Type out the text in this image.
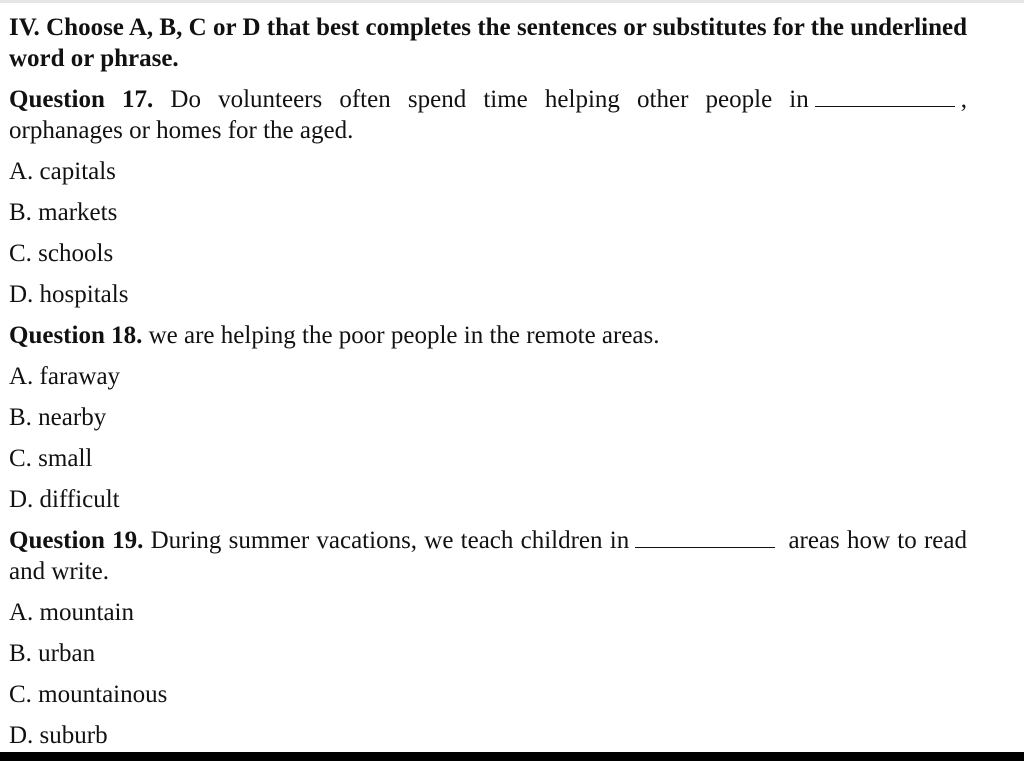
IV. Choose A, B, C or D that best completes the sentences or substitutes for the underlined word or phrase.
Question 17. Do volunteers often spend time helping other people in	, orphanages or homes for the aged.
A. capitals
B. markets
C. schools
D. hospitals
Question 18. we are helping the poor people in the remote areas.
A. faraway
B. nearby
C. small
D. difficult
Question 19. During summer vacations, we teach children in	areas how to read and write.
A. mountain
B. urban
C. mountainous
D. suburb
